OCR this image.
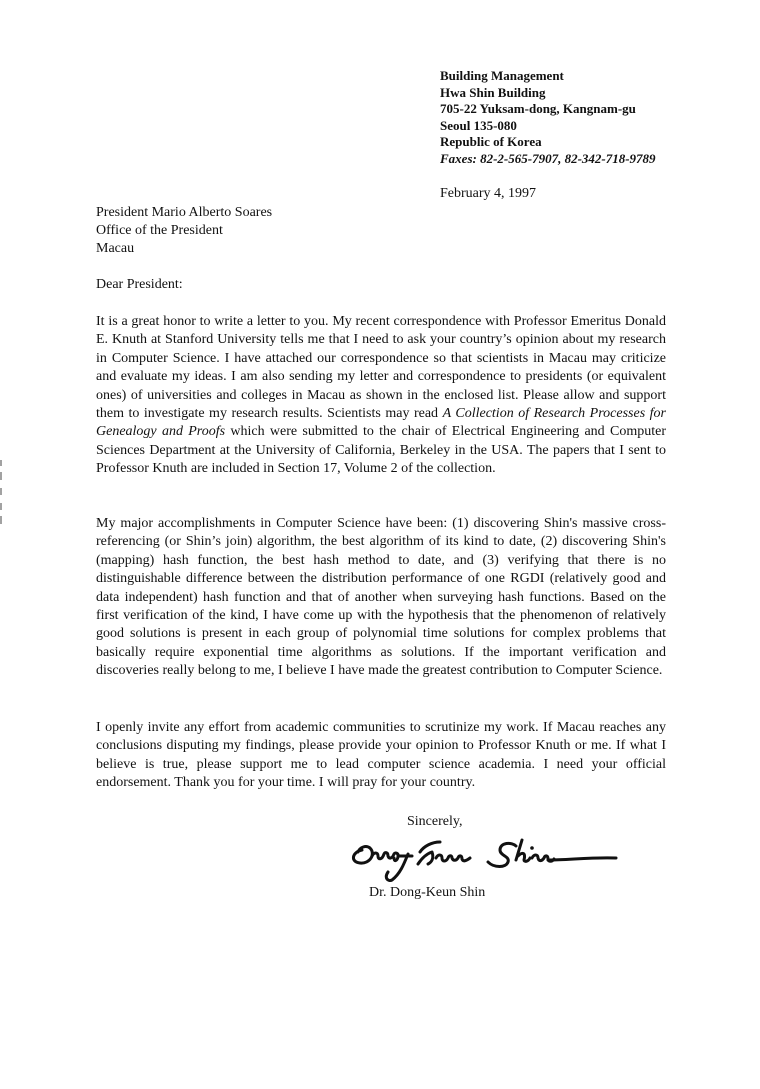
Building Management
Hwa Shin Building
705-22 Yuksam-dong, Kangnam-gu
Seoul 135-080
Republic of Korea
Faxes: 82-2-565-7907, 82-342-718-9789
February 4, 1997
President Mario Alberto Soares
Office of the President
Macau
Dear President:
It is a great honor to write a letter to you. My recent correspondence with Professor Emeritus Donald E. Knuth at Stanford University tells me that I need to ask your country’s opinion about my research in Computer Science. I have attached our correspondence so that scientists in Macau may criticize and evaluate my ideas. I am also sending my letter and correspondence to presidents (or equivalent ones) of universities and colleges in Macau as shown in the enclosed list. Please allow and support them to investigate my research results. Scientists may read A Collection of Research Processes for Genealogy and Proofs which were submitted to the chair of Electrical Engineering and Computer Sciences Department at the University of California, Berkeley in the USA. The papers that I sent to Professor Knuth are included in Section 17, Volume 2 of the collection.
My major accomplishments in Computer Science have been: (1) discovering Shin's massive cross-referencing (or Shin’s join) algorithm, the best algorithm of its kind to date, (2) discovering Shin's (mapping) hash function, the best hash method to date, and (3) verifying that there is no distinguishable difference between the distribution performance of one RGDI (relatively good and data independent) hash function and that of another when surveying hash functions. Based on the first verification of the kind, I have come up with the hypothesis that the phenomenon of relatively good solutions is present in each group of polynomial time solutions for complex problems that basically require exponential time algorithms as solutions. If the important verification and discoveries really belong to me, I believe I have made the greatest contribution to Computer Science.
I openly invite any effort from academic communities to scrutinize my work. If Macau reaches any conclusions disputing my findings, please provide your opinion to Professor Knuth or me. If what I believe is true, please support me to lead computer science academia. I need your official endorsement. Thank you for your time. I will pray for your country.
Sincerely,
Dr. Dong-Keun Shin
